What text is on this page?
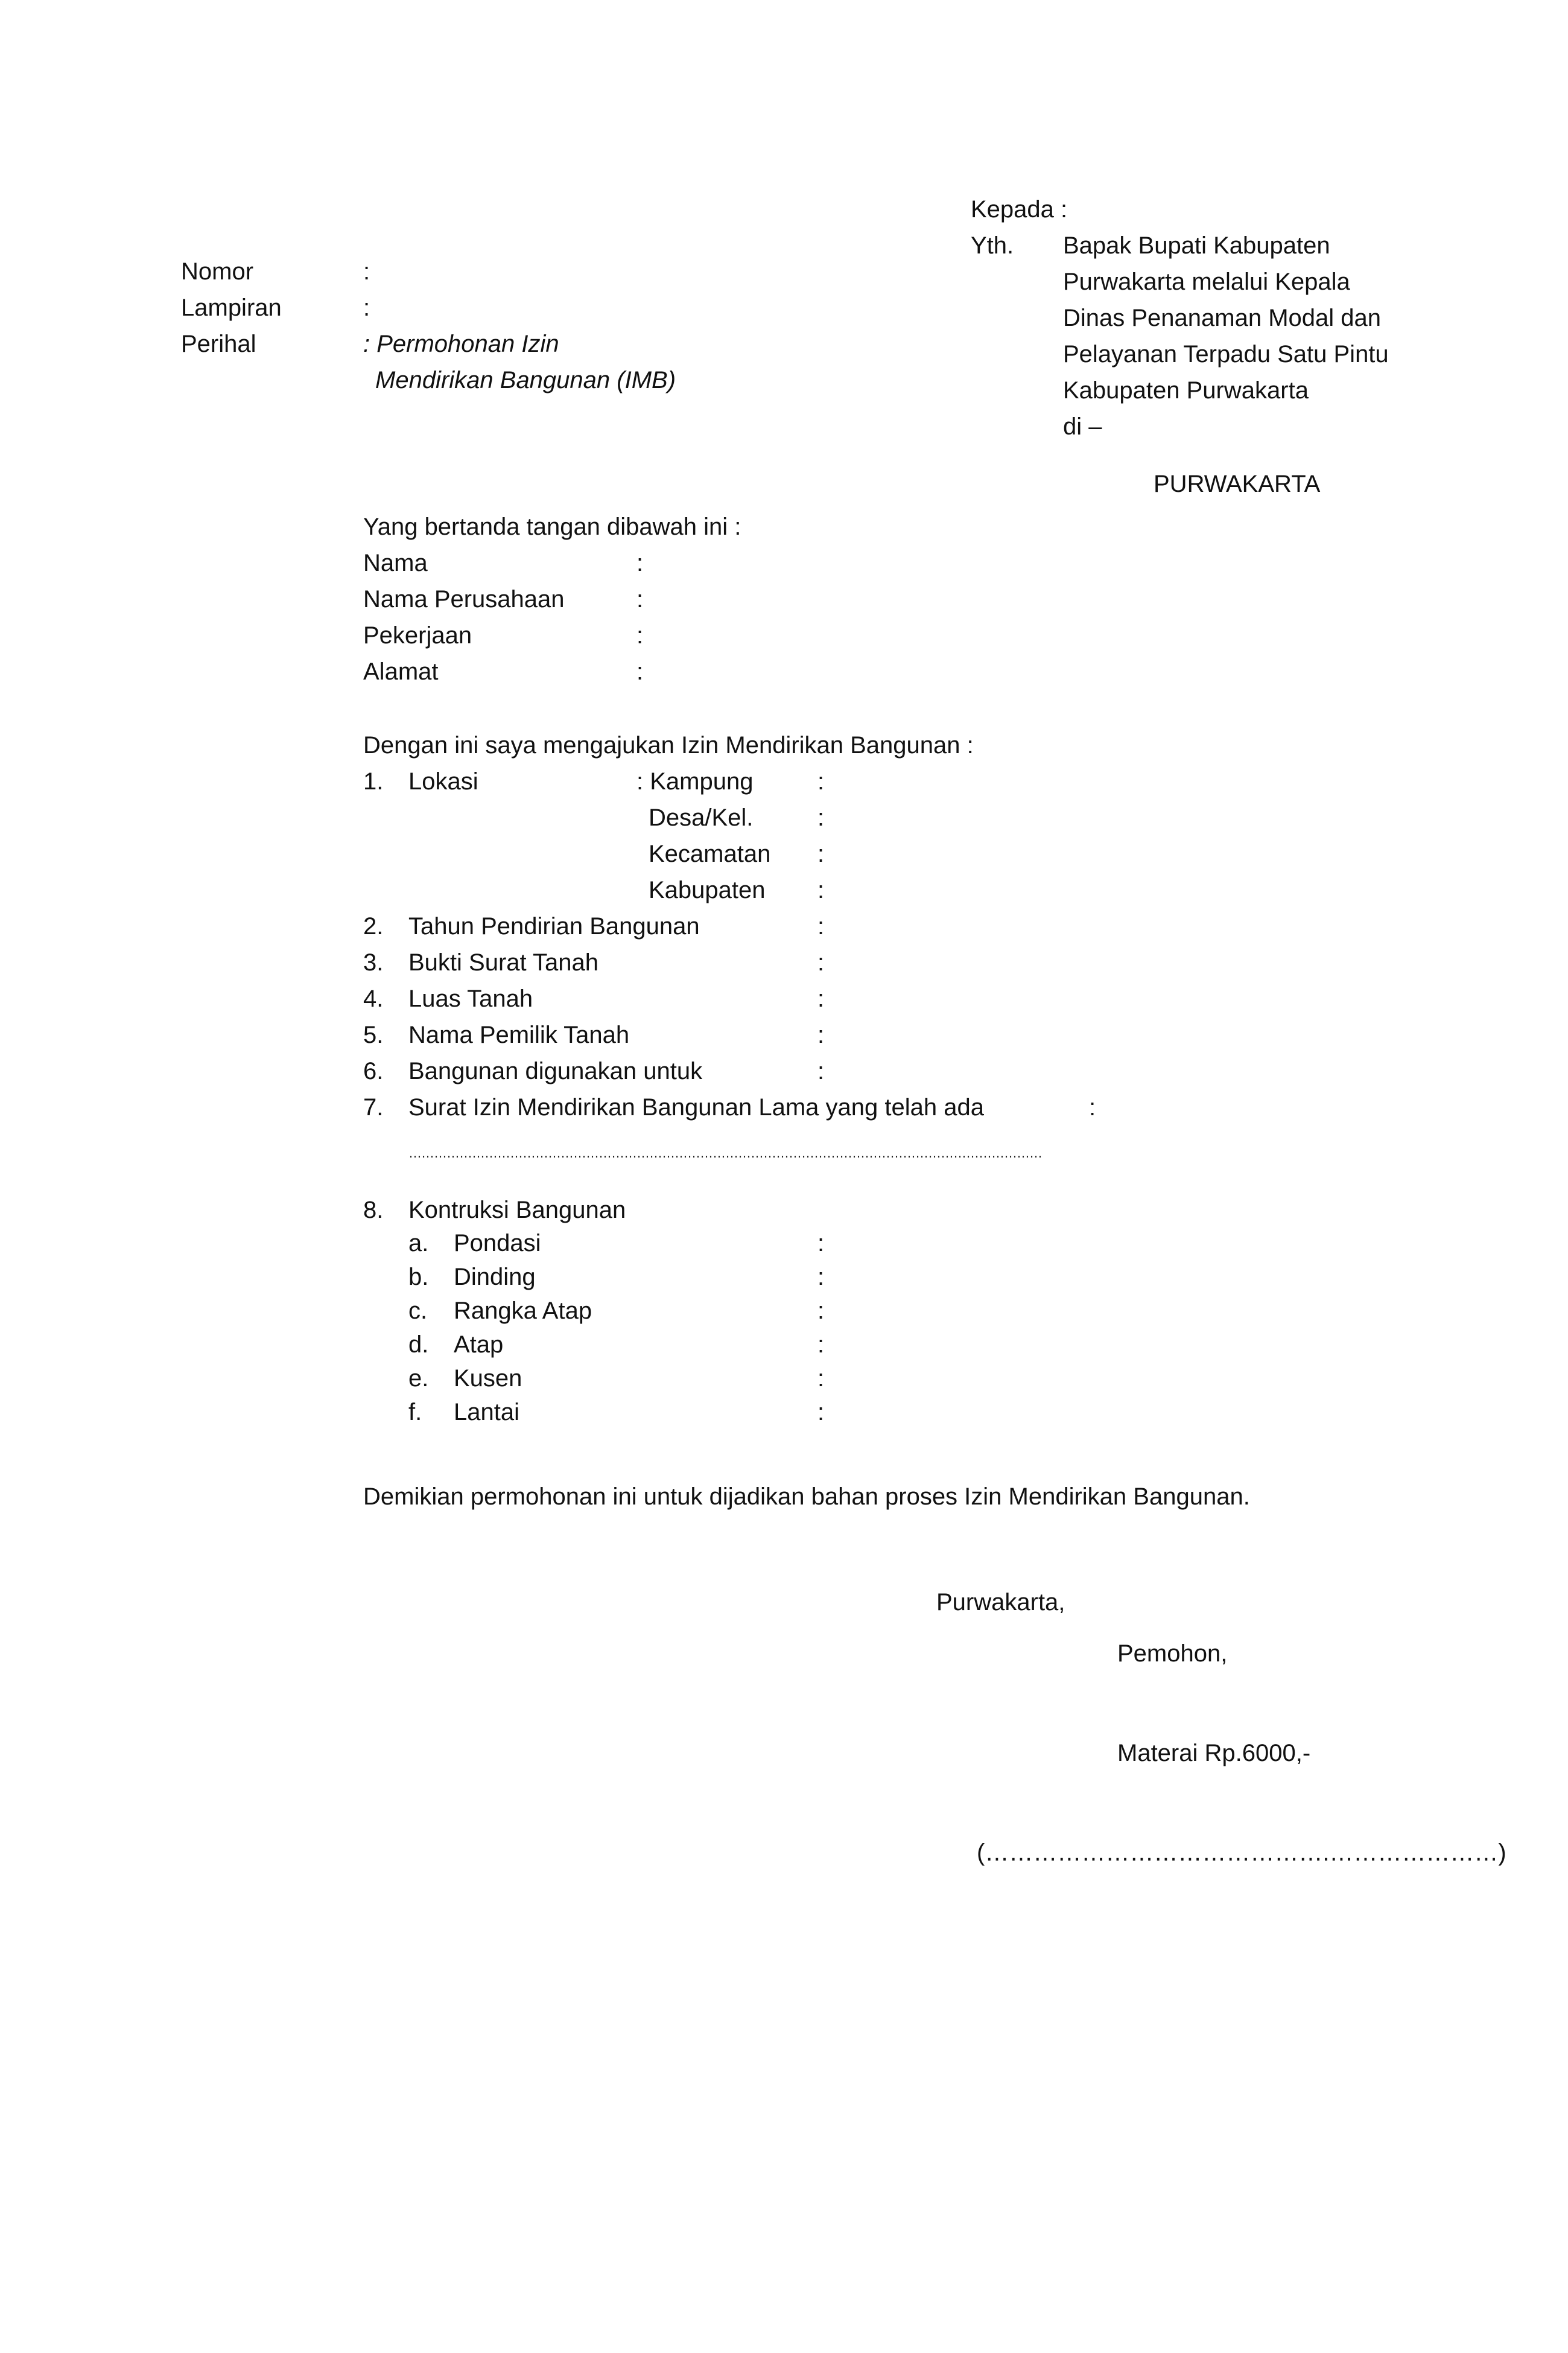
Kepada :
Yth. Bapak Bupati Kabupaten
Purwakarta melalui Kepala
Dinas Penanaman Modal dan
Pelayanan Terpadu Satu Pintu
Kabupaten Purwakarta
di –
PURWAKARTA
Nomor	:
Lampiran	:
Perihal	: Permohonan Izin
Mendirikan Bangunan (IMB)
Yang bertanda tangan dibawah ini :
Nama	:
Nama Perusahaan	:
Pekerjaan	:
Alamat	:
Dengan ini saya mengajukan Izin Mendirikan Bangunan :
1. Lokasi	: Kampung	:
Desa/Kel.	:
Kecamatan :
Kabupaten :
2. Tahun Pendirian Bangunan	:
3. Bukti Surat Tanah	:
4. Luas Tanah	:
5. Nama Pemilik Tanah	:
6. Bangunan digunakan untuk	:
7. Surat Izin Mendirikan Bangunan Lama yang telah ada	:
……………………………………………………………………………………………………………………………………
8. Kontruksi Bangunan
a. Pondasi	:
b. Dinding	:
c. Rangka Atap	:
d. Atap	:
e. Kusen	:
f. Lantai	:
Demikian permohonan ini untuk dijadikan bahan proses Izin Mendirikan Bangunan.
Purwakarta,
Pemohon,
Materai Rp.6000,-
(…………………………………….…………………)
